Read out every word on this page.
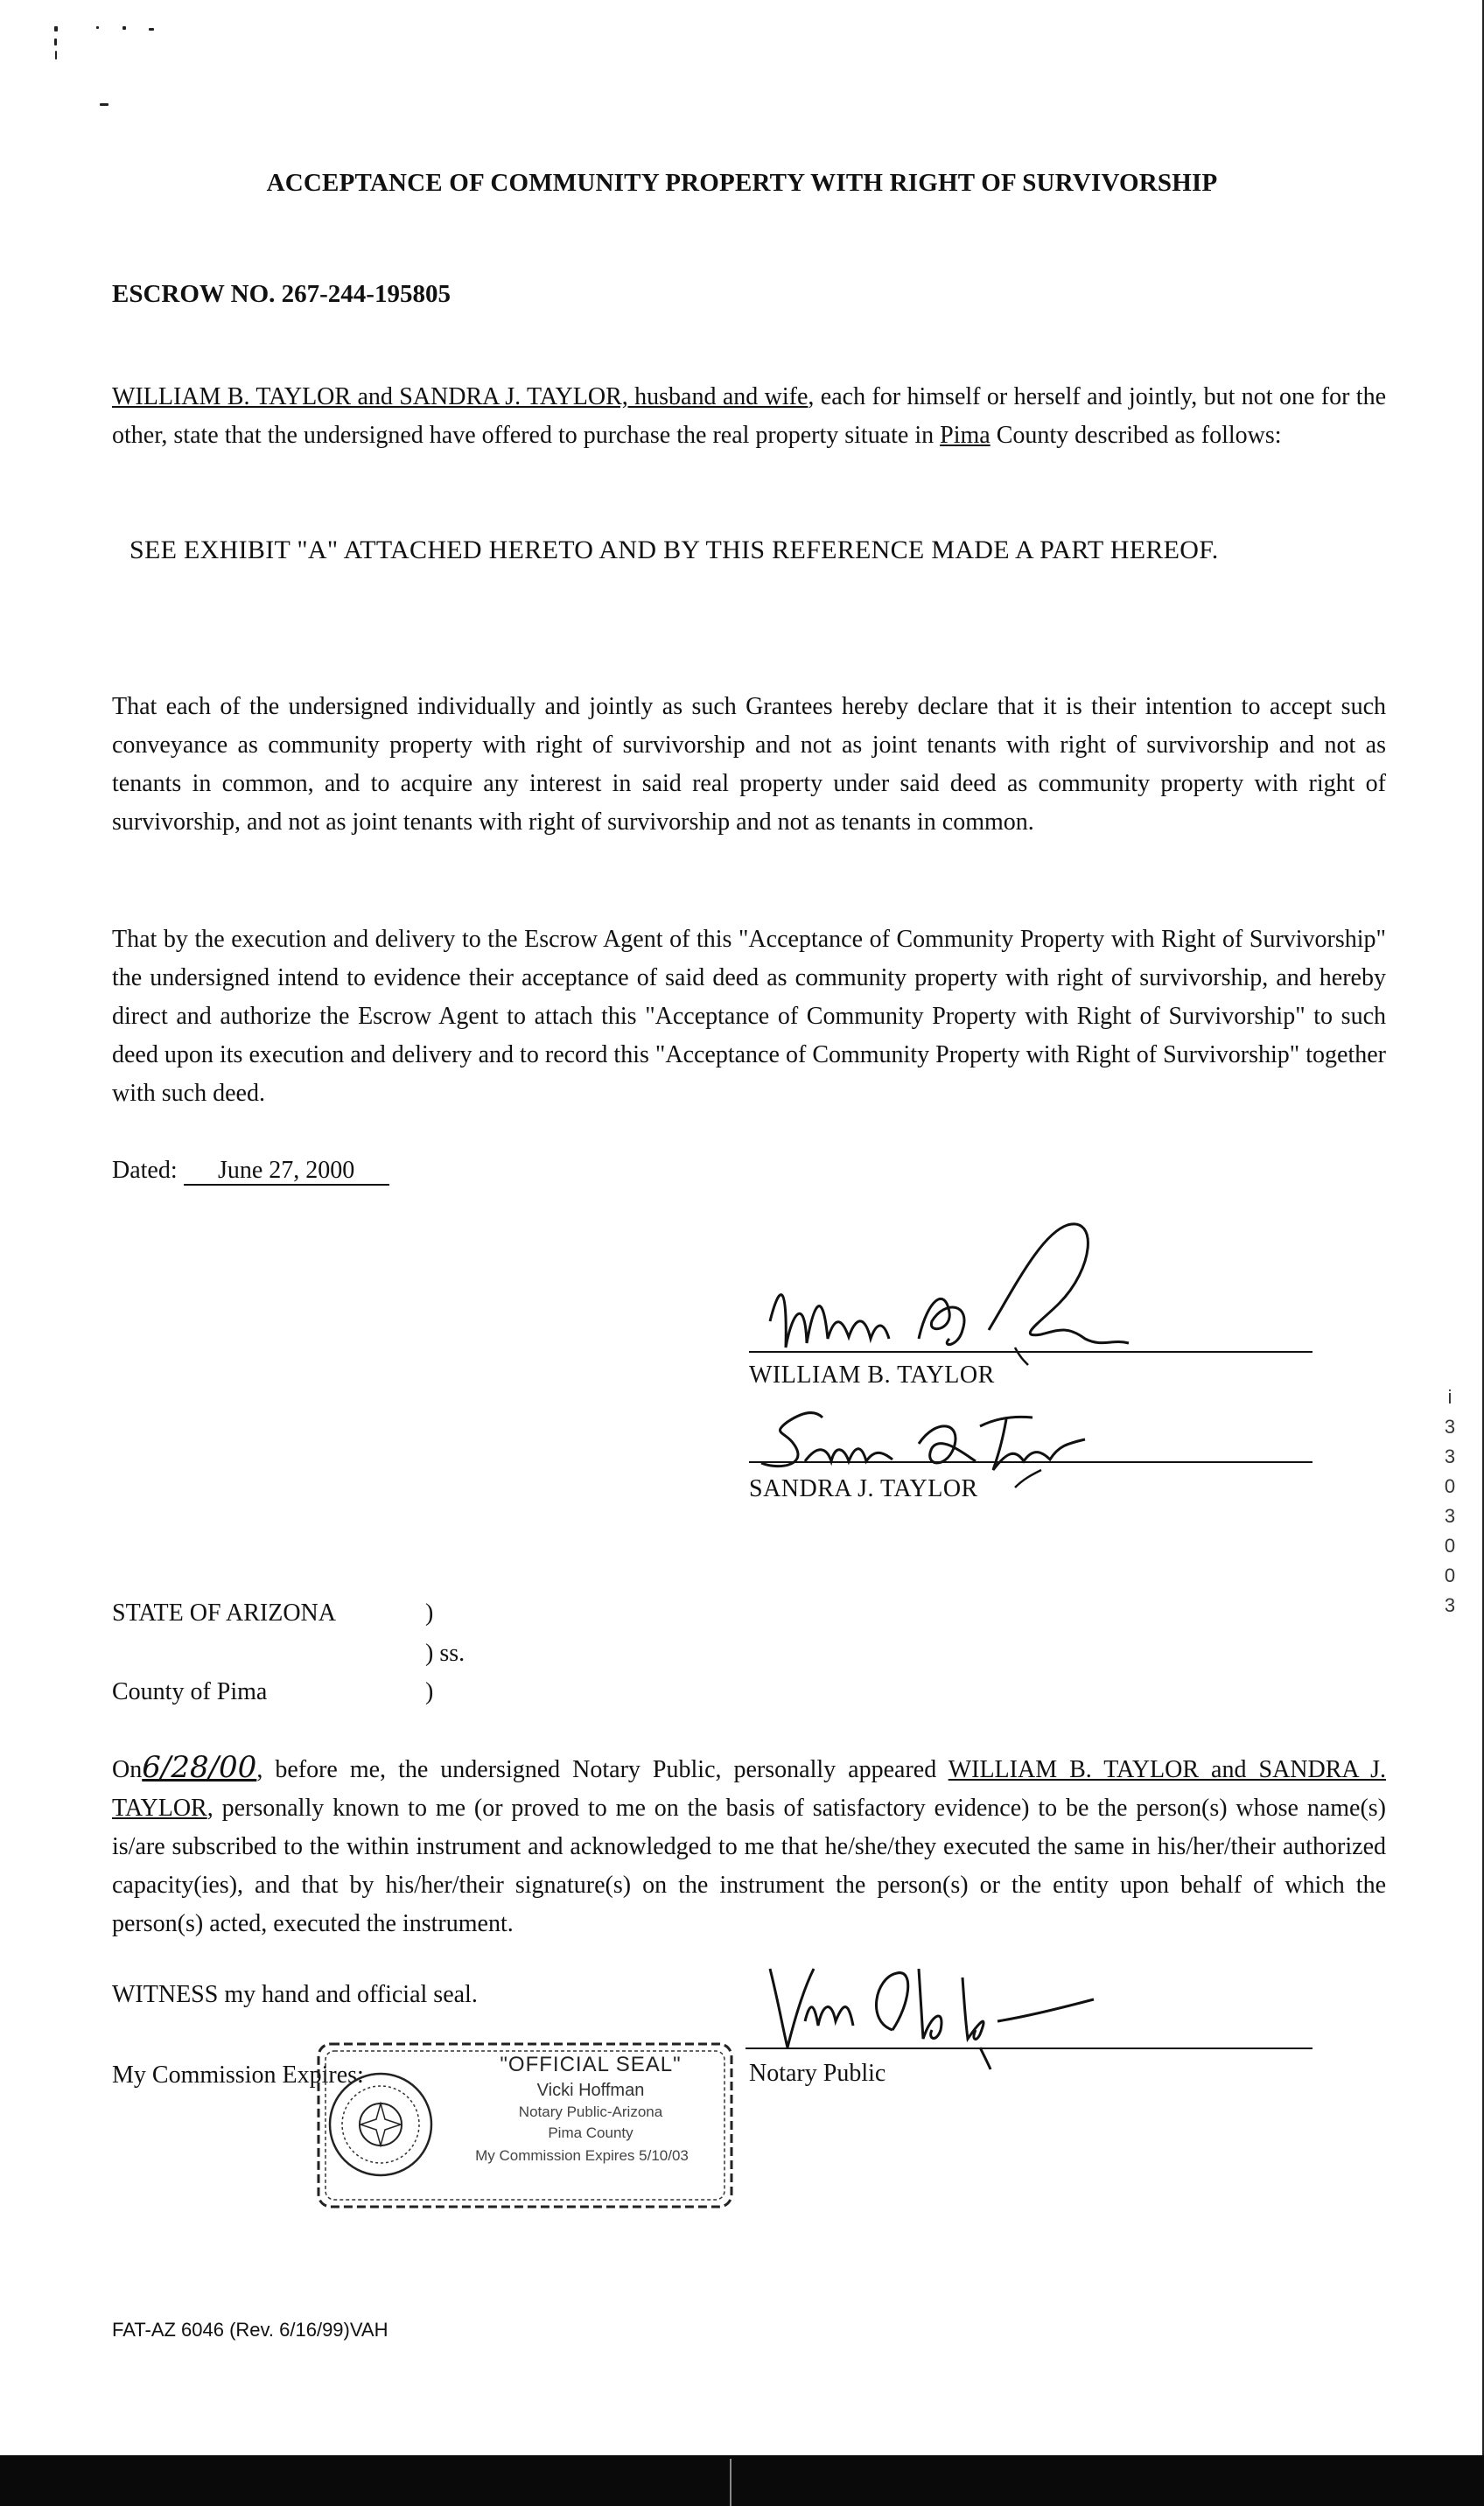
ACCEPTANCE OF COMMUNITY PROPERTY WITH RIGHT OF SURVIVORSHIP
ESCROW NO. 267-244-195805
WILLIAM B. TAYLOR and SANDRA J. TAYLOR, husband and wife, each for himself or herself and jointly, but not one for the other, state that the undersigned have offered to purchase the real property situate in Pima County described as follows:
SEE EXHIBIT "A" ATTACHED HERETO AND BY THIS REFERENCE MADE A PART HEREOF.
That each of the undersigned individually and jointly as such Grantees hereby declare that it is their intention to accept such conveyance as community property with right of survivorship and not as joint tenants with right of survivorship and not as tenants in common, and to acquire any interest in said real property under said deed as community property with right of survivorship, and not as joint tenants with right of survivorship and not as tenants in common.
That by the execution and delivery to the Escrow Agent of this "Acceptance of Community Property with Right of Survivorship" the undersigned intend to evidence their acceptance of said deed as community property with right of survivorship, and hereby direct and authorize the Escrow Agent to attach this "Acceptance of Community Property with Right of Survivorship" to such deed upon its execution and delivery and to record this "Acceptance of Community Property with Right of Survivorship" together with such deed.
Dated: June 27, 2000
WILLIAM B. TAYLOR
SANDRA J. TAYLOR
STATE OF ARIZONA	)
) ss.
County of Pima	)
On6/28/00, before me, the undersigned Notary Public, personally appeared WILLIAM B. TAYLOR and SANDRA J. TAYLOR, personally known to me (or proved to me on the basis of satisfactory evidence) to be the person(s) whose name(s) is/are subscribed to the within instrument and acknowledged to me that he/she/they executed the same in his/her/their authorized capacity(ies), and that by his/her/their signature(s) on the instrument the person(s) or the entity upon behalf of which the person(s) acted, executed the instrument.
WITNESS my hand and official seal.
Notary Public
My Commission Expires:	"OFFICIAL SEAL"
Vicki Hoffman
Notary Public-Arizona
Pima County
My Commission Expires 5/10/03
i
3
3
0
3
0
0
3
FAT-AZ 6046 (Rev. 6/16/99)VAH
